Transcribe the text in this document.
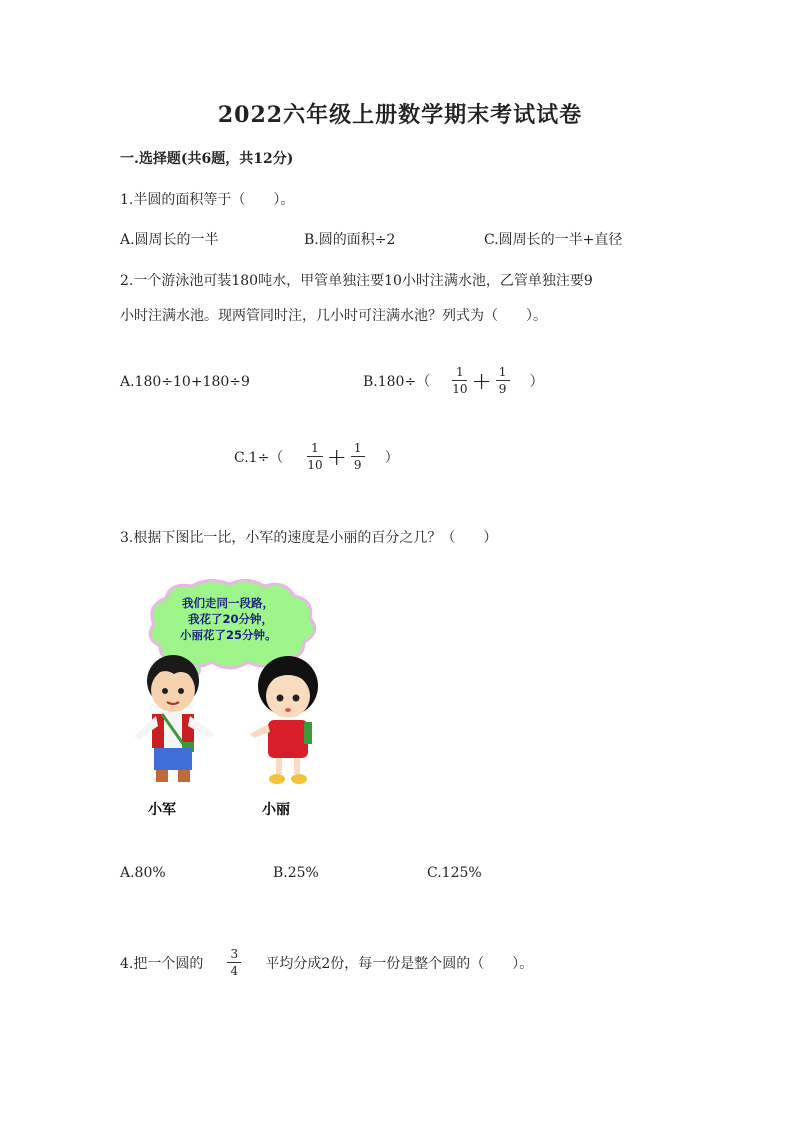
2022六年级上册数学期末考试试卷
一.选择题(共6题，共12分)
1.半圆的面积等于（　　）。
A.圆周长的一半	B.圆的面积÷2	C.圆周长的一半+直径
2.一个游泳池可装180吨水，甲管单独注要10小时注满水池，乙管单独注要9
小时注满水池。现两管同时注，几小时可注满水池？列式为（　　）。
A.180÷10+180÷9	$B.180\div( \frac{1}{10} + \frac{1}{9}$ ）
$C.1\div( \frac{1}{10} + \frac{1}{9}$ ）
3.根据下图比一比，小军的速度是小丽的百分之几？（　　）
我们走同一段路，
我花了20分钟，
小丽花了25分钟。
小军	小丽
A.80%	B.25%	C.125%
4.把一个圆的 $\frac{3}{4}$ 平均分成2份，每一份是整个圆的（　　）。
